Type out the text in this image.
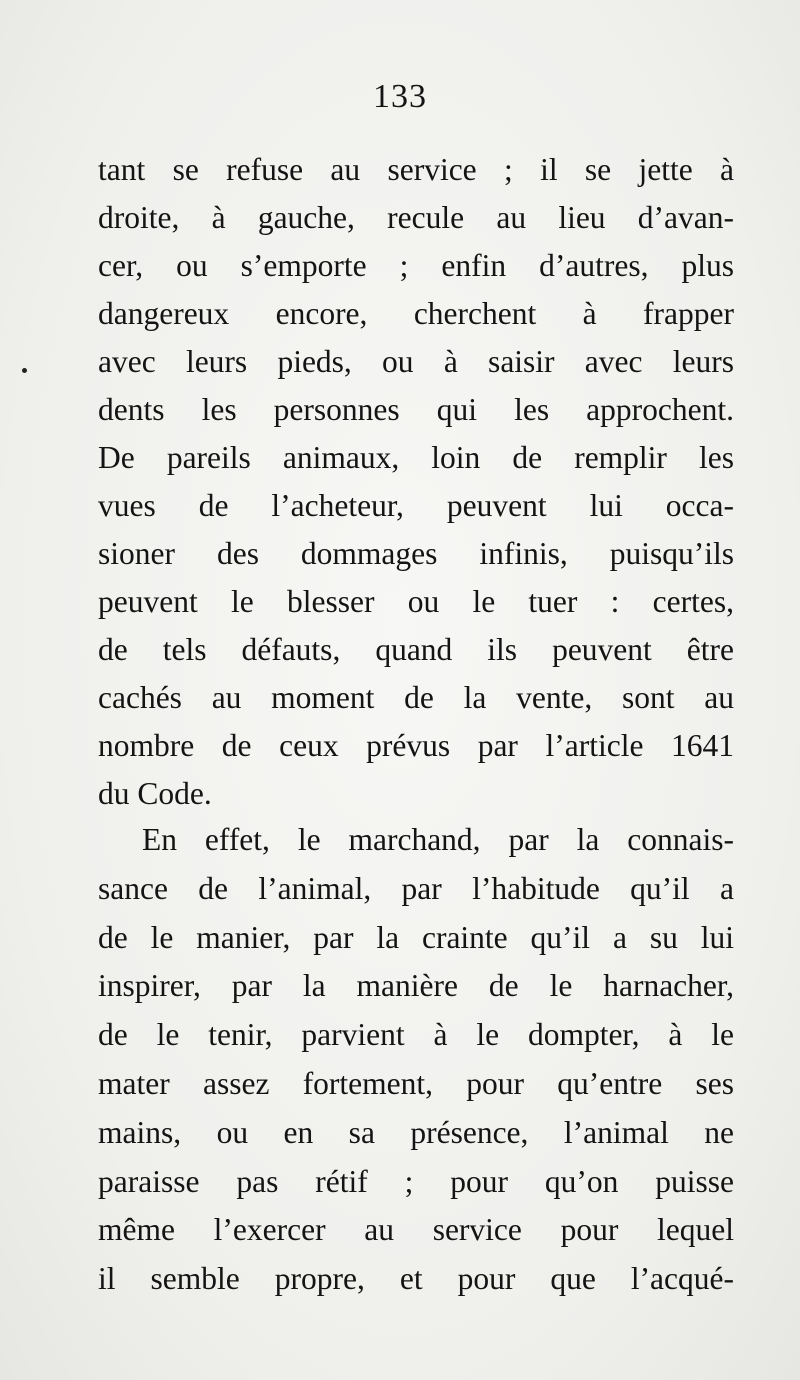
133
tant se refuse au service ; il se jette à
droite, à gauche, recule au lieu d’avan-
cer, ou s’emporte ; enfin d’autres, plus
dangereux encore, cherchent à frapper
avec leurs pieds, ou à saisir avec leurs
dents les personnes qui les approchent.
De pareils animaux, loin de remplir les
vues de l’acheteur, peuvent lui occa-
sioner des dommages infinis, puisqu’ils
peuvent le blesser ou le tuer : certes,
de tels défauts, quand ils peuvent être
cachés au moment de la vente, sont au
nombre de ceux prévus par l’article 1641
du Code.
En effet, le marchand, par la connais-
sance de l’animal, par l’habitude qu’il a
de le manier, par la crainte qu’il a su lui
inspirer, par la manière de le harnacher,
de le tenir, parvient à le dompter, à le
mater assez fortement, pour qu’entre ses
mains, ou en sa présence, l’animal ne
paraisse pas rétif ; pour qu’on puisse
même l’exercer au service pour lequel
il semble propre, et pour que l’acqué-
